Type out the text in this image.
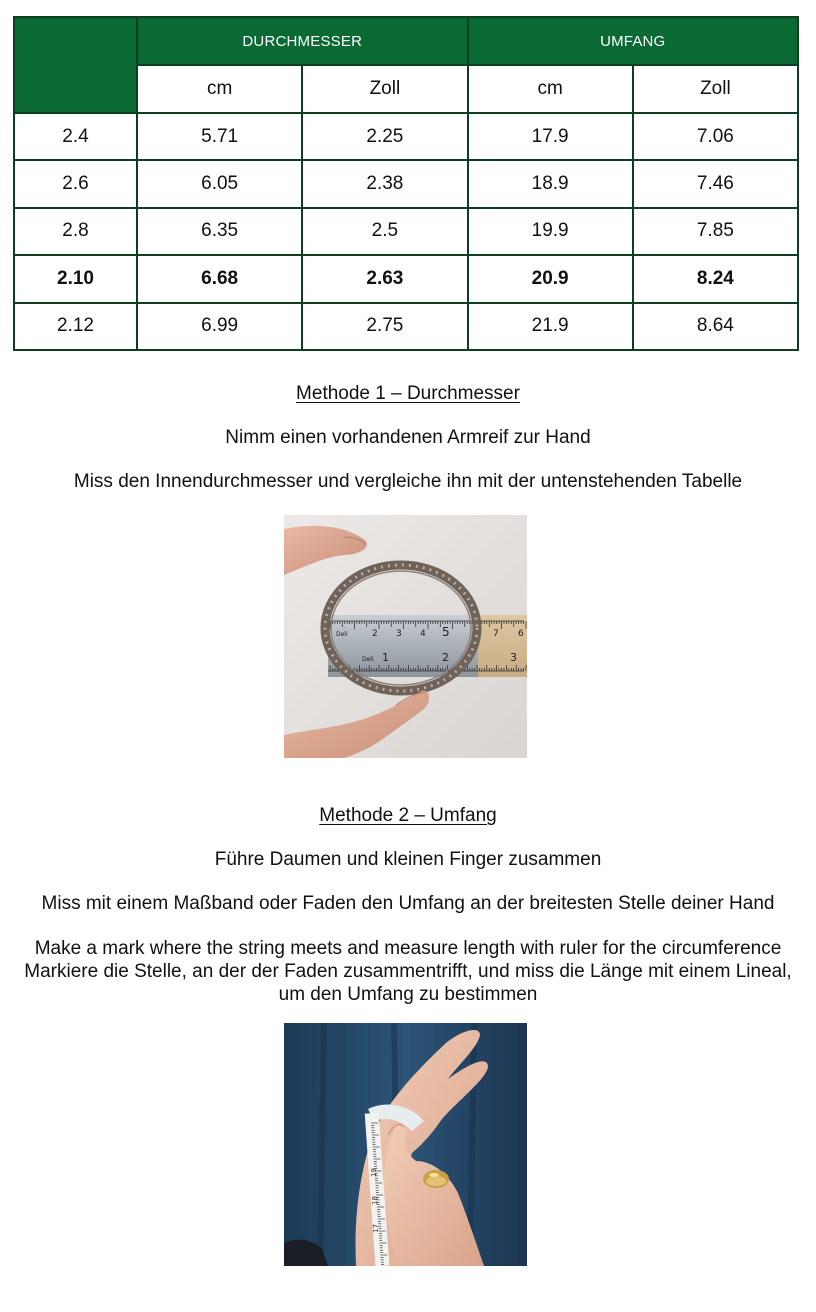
	DURCHMESSER		UMFANG	
	cm	Zoll	cm	Zoll
2.4	5.71	2.25	17.9	7.06
2.6	6.05	2.38	18.9	7.46
2.8	6.35	2.5	19.9	7.85
2.10	6.68	2.63	20.9	8.24
2.12	6.99	2.75	21.9	8.64
Methode 1 – Durchmesser
Nimm einen vorhandenen Armreif zur Hand
Miss den Innendurchmesser und vergleiche ihn mit der untenstehenden Tabelle
2 3 4 5	7 6
1	2	3
Deli
Deli
Methode 2 – Umfang
Führe Daumen und kleinen Finger zusammen
Miss mit einem Maßband oder Faden den Umfang an der breitesten Stelle deiner Hand
Make a mark where the string meets and measure length with ruler for the circumference
Markiere die Stelle, an der der Faden zusammentrifft, und miss die Länge mit einem Lineal,
um den Umfang zu bestimmen
19
18
17
